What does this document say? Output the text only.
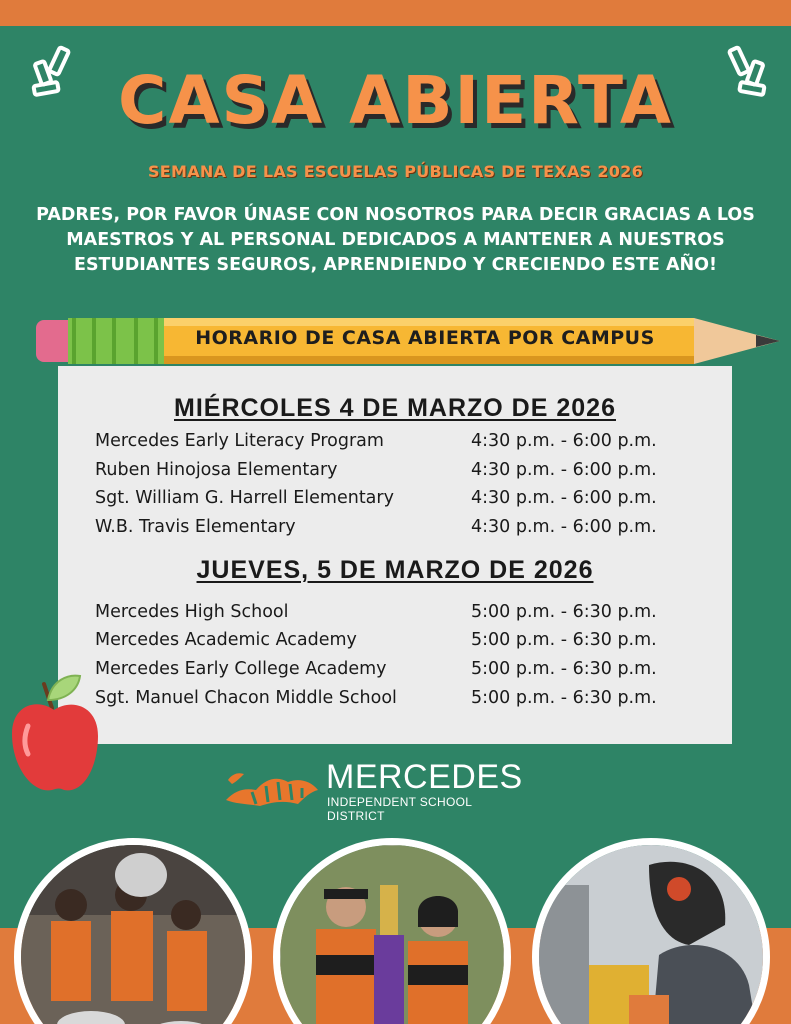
CASA ABIERTA
SEMANA DE LAS ESCUELAS PÚBLICAS DE TEXAS 2026

PADRES, POR FAVOR ÚNASE CON NOSOTROS PARA DECIR GRACIAS A LOS MAESTROS Y AL PERSONAL DEDICADOS A MANTENER A NUESTROS ESTUDIANTES SEGUROS, APRENDIENDO Y CRECIENDO ESTE AÑO!

HORARIO DE CASA ABIERTA POR CAMPUS
MIÉRCOLES 4 DE MARZO DE 2026
Mercedes Early Literacy Program	4:30 p.m. - 6:00 p.m.
Ruben Hinojosa Elementary	4:30 p.m. - 6:00 p.m.
Sgt. William G. Harrell Elementary	4:30 p.m. - 6:00 p.m.
W.B. Travis Elementary	4:30 p.m. - 6:00 p.m.
JUEVES, 5 DE MARZO DE 2026
Mercedes High School	5:00 p.m. - 6:30 p.m.
Mercedes Academic Academy	5:00 p.m. - 6:30 p.m.
Mercedes Early College Academy	5:00 p.m. - 6:30 p.m.
Sgt. Manuel Chacon Middle School	5:00 p.m. - 6:30 p.m.
MERCEDES
INDEPENDENT SCHOOL DISTRICT
